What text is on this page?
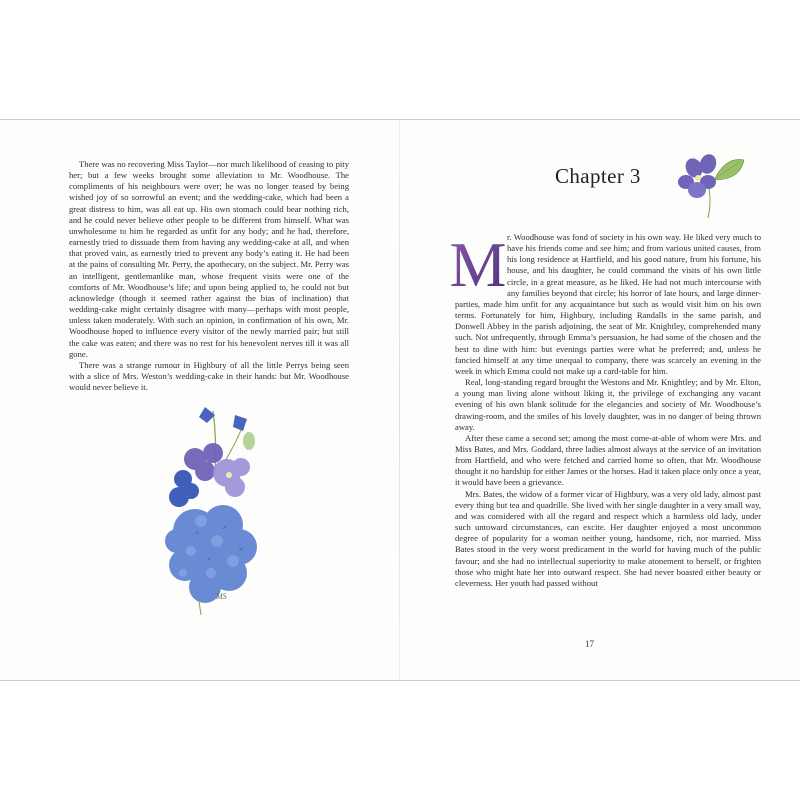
There was no recovering Miss Taylor—nor much likelihood of ceasing to pity her; but a few weeks brought some alleviation to Mr. Woodhouse. The compliments of his neighbours were over; he was no longer teased by being wished joy of so sorrowful an event; and the wedding-cake, which had been a great distress to him, was all eat up. His own stomach could bear nothing rich, and he could never believe other people to be different from himself. What was unwholesome to him he regarded as unfit for any body; and he had, therefore, earnestly tried to dissuade them from having any wedding-cake at all, and when that proved vain, as earnestly tried to prevent any body’s eating it. He had been at the pains of consulting Mr. Perry, the apothecary, on the subject. Mr. Perry was an intelligent, gentlemanlike man, whose frequent visits were one of the comforts of Mr. Woodhouse’s life; and upon being applied to, he could not but acknowledge (though it seemed rather against the bias of inclination) that wedding-cake might certainly disagree with many—perhaps with most people, unless taken moderately. With such an opinion, in confirmation of his own, Mr. Woodhouse hoped to influence every visitor of the newly married pair; but still the cake was eaten; and there was no rest for his benevolent nerves till it was all gone.

There was a strange rumour in Highbury of all the little Perrys being seen with a slice of Mrs. Weston’s wedding-cake in their hands: but Mr. Woodhouse would never believe it.

MS
Chapter 3
M r. Woodhouse was fond of society in his own way. He liked very much to have his friends come and see him; and from various united causes, from his long residence at Hartfield, and his good nature, from his fortune, his house, and his daughter, he could command the visits of his own little circle, in a great measure, as he liked. He had not much intercourse with any families beyond that circle; his horror of late hours, and large dinner-parties, made him unfit for any acquaintance but such as would visit him on his own terms. Fortunately for him, Highbury, including Randalls in the same parish, and Donwell Abbey in the parish adjoining, the seat of Mr. Knightley, comprehended many such. Not unfrequently, through Emma’s persuasion, he had some of the chosen and the best to dine with him: but evenings parties were what he preferred; and, unless he fancied himself at any time unequal to company, there was scarcely an evening in the week in which Emma could not make up a card-table for him.

Real, long-standing regard brought the Westons and Mr. Knightley; and by Mr. Elton, a young man living alone without liking it, the privilege of exchanging any vacant evening of his own blank solitude for the elegancies and society of Mr. Woodhouse’s drawing-room, and the smiles of his lovely daughter, was in no danger of being thrown away.

After these came a second set; among the most come-at-able of whom were Mrs. and Miss Bates, and Mrs. Goddard, three ladies almost always at the service of an invitation from Hartfield, and who were fetched and carried home so often, that Mr. Woodhouse thought it no hardship for either James or the horses. Had it taken place only once a year, it would have been a grievance.

Mrs. Bates, the widow of a former vicar of Highbury, was a very old lady, almost past every thing but tea and quadrille. She lived with her single daughter in a very small way, and was considered with all the regard and respect which a harmless old lady, under such untoward circumstances, can excite. Her daughter enjoyed a most uncommon degree of popularity for a woman neither young, handsome, rich, nor married. Miss Bates stood in the very worst predicament in the world for having much of the public favour; and she had no intellectual superiority to make atonement to herself, or frighten those who might hate her into outward respect. She had never boasted either beauty or cleverness. Her youth had passed without

17
